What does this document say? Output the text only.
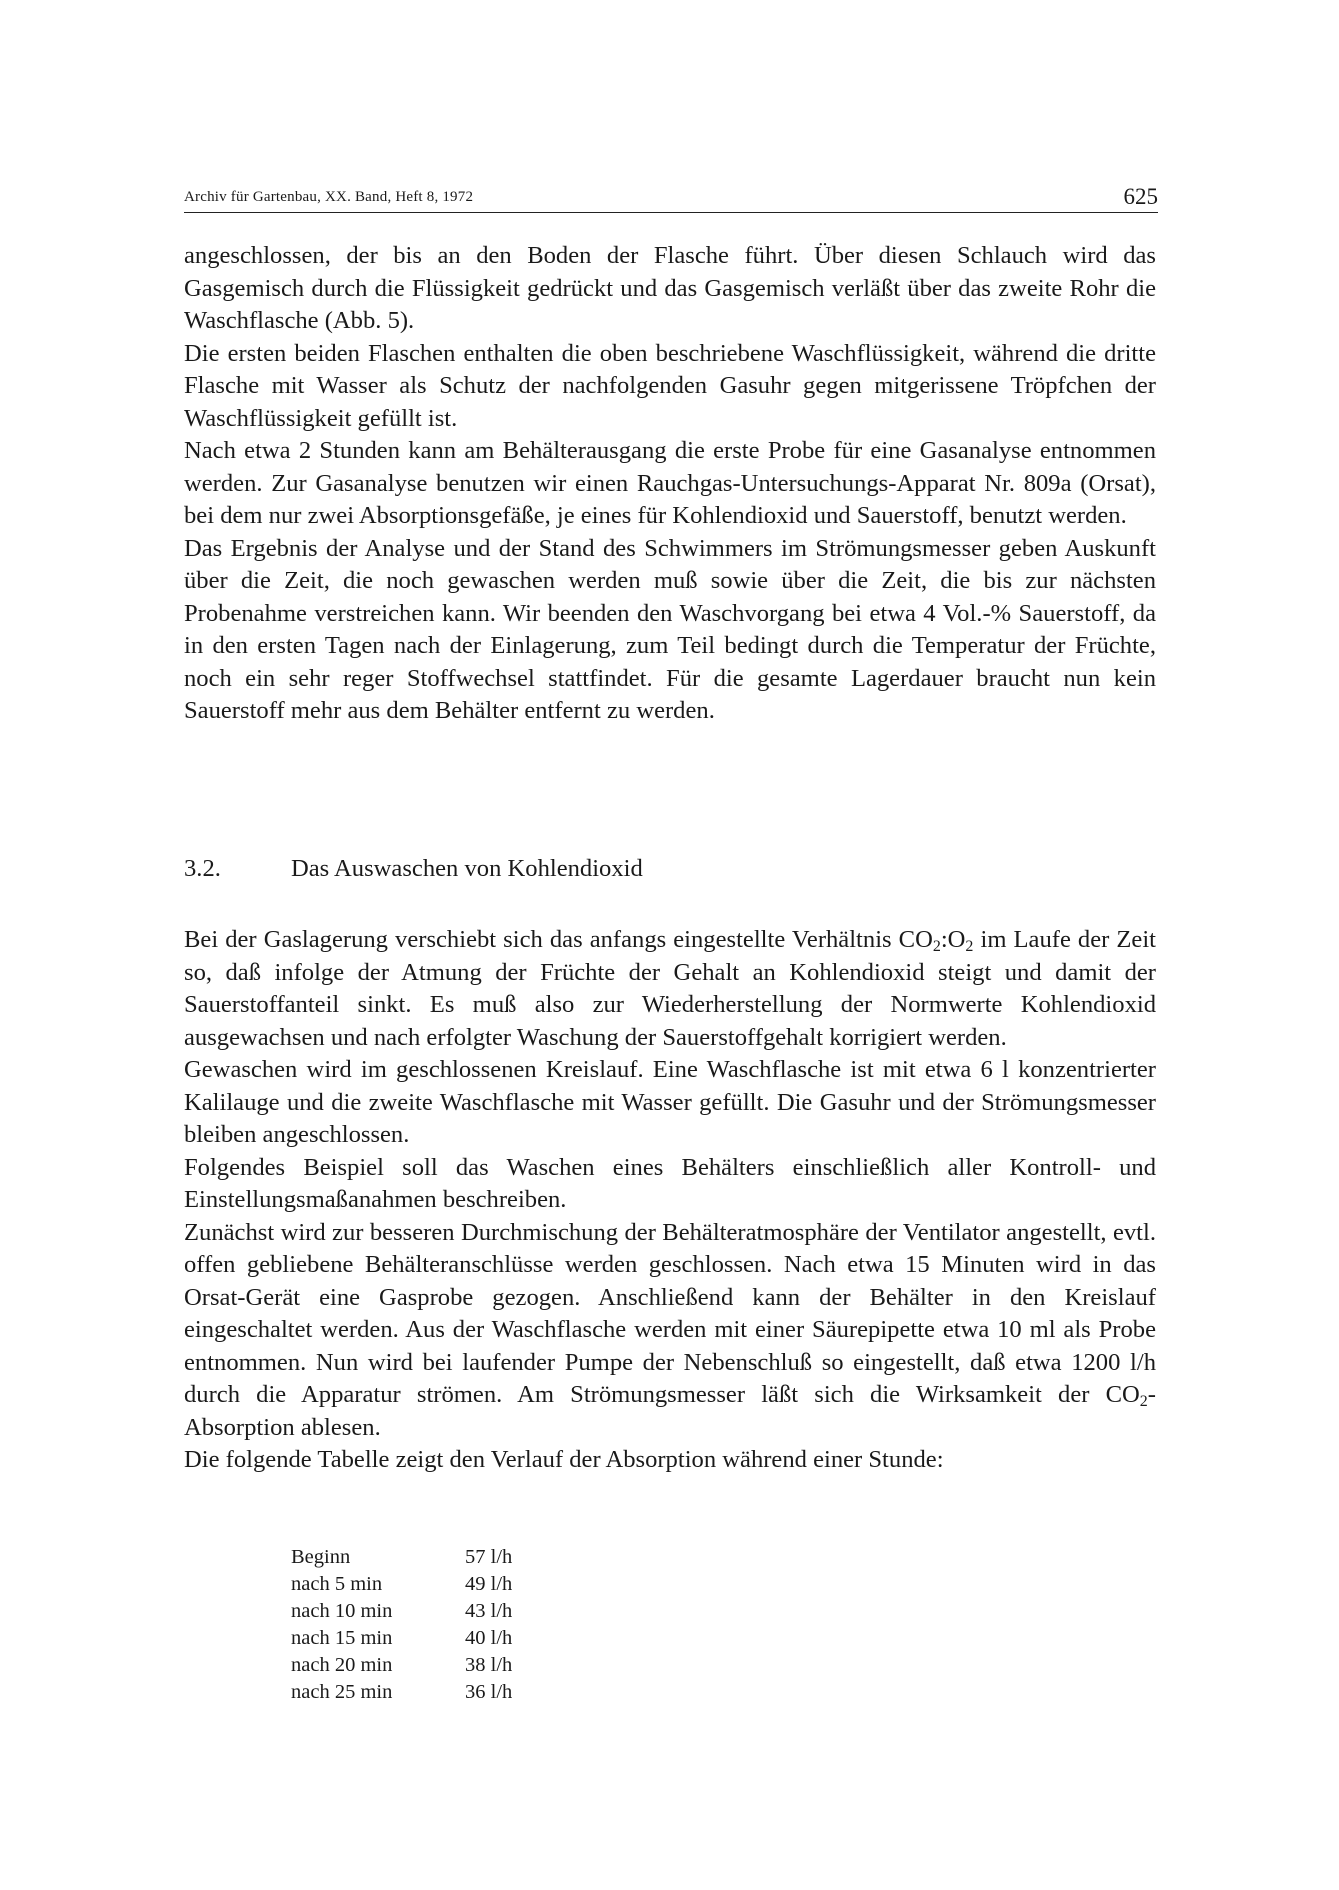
Archiv für Gartenbau, XX. Band, Heft 8, 1972	625

angeschlossen, der bis an den Boden der Flasche führt. Über diesen Schlauch wird das Gasgemisch durch die Flüssigkeit gedrückt und das Gasgemisch verläßt über das zweite Rohr die Waschflasche (Abb. 5).

Die ersten beiden Flaschen enthalten die oben beschriebene Waschflüssigkeit, während die dritte Flasche mit Wasser als Schutz der nachfolgenden Gasuhr gegen mitgerissene Tröpfchen der Waschflüssigkeit gefüllt ist.

Nach etwa 2 Stunden kann am Behälterausgang die erste Probe für eine Gasanalyse entnommen werden. Zur Gasanalyse benutzen wir einen Rauchgas-Untersuchungs-Apparat Nr. 809a (Orsat), bei dem nur zwei Absorptionsgefäße, je eines für Kohlendioxid und Sauerstoff, benutzt werden.

Das Ergebnis der Analyse und der Stand des Schwimmers im Strömungsmesser geben Auskunft über die Zeit, die noch gewaschen werden muß sowie über die Zeit, die bis zur nächsten Probenahme verstreichen kann. Wir beenden den Waschvorgang bei etwa 4 Vol.-% Sauerstoff, da in den ersten Tagen nach der Einlagerung, zum Teil bedingt durch die Temperatur der Früchte, noch ein sehr reger Stoffwechsel stattfindet. Für die gesamte Lagerdauer braucht nun kein Sauerstoff mehr aus dem Behälter entfernt zu werden.

3.2.	Das Auswaschen von Kohlendioxid

Bei der Gaslagerung verschiebt sich das anfangs eingestellte Verhältnis $CO_2:O_2$ im Laufe der Zeit so, daß infolge der Atmung der Früchte der Gehalt an Kohlendioxid steigt und damit der Sauerstoffanteil sinkt. Es muß also zur Wiederherstellung der Normwerte Kohlendioxid ausgewachsen und nach erfolgter Waschung der Sauerstoffgehalt korrigiert werden.

Gewaschen wird im geschlossenen Kreislauf. Eine Waschflasche ist mit etwa 6 l konzentrierter Kalilauge und die zweite Waschflasche mit Wasser gefüllt. Die Gasuhr und der Strömungsmesser bleiben angeschlossen.

Folgendes Beispiel soll das Waschen eines Behälters einschließlich aller Kontroll- und Einstellungsmaßanahmen beschreiben.

Zunächst wird zur besseren Durchmischung der Behälteratmosphäre der Ventilator angestellt, evtl. offen gebliebene Behälteranschlüsse werden geschlossen. Nach etwa 15 Minuten wird in das Orsat-Gerät eine Gasprobe gezogen. Anschließend kann der Behälter in den Kreislauf eingeschaltet werden. Aus der Waschflasche werden mit einer Säurepipette etwa 10 ml als Probe entnommen. Nun wird bei laufender Pumpe der Nebenschluß so eingestellt, daß etwa 1200 l/h durch die Apparatur strömen. Am Strömungsmesser läßt sich die Wirksamkeit der $CO_2$-Absorption ablesen.

Die folgende Tabelle zeigt den Verlauf der Absorption während einer Stunde:

Beginn	57 l/h
nach 5 min	49 l/h
nach 10 min	43 l/h
nach 15 min	40 l/h
nach 20 min	38 l/h
nach 25 min	36 l/h
